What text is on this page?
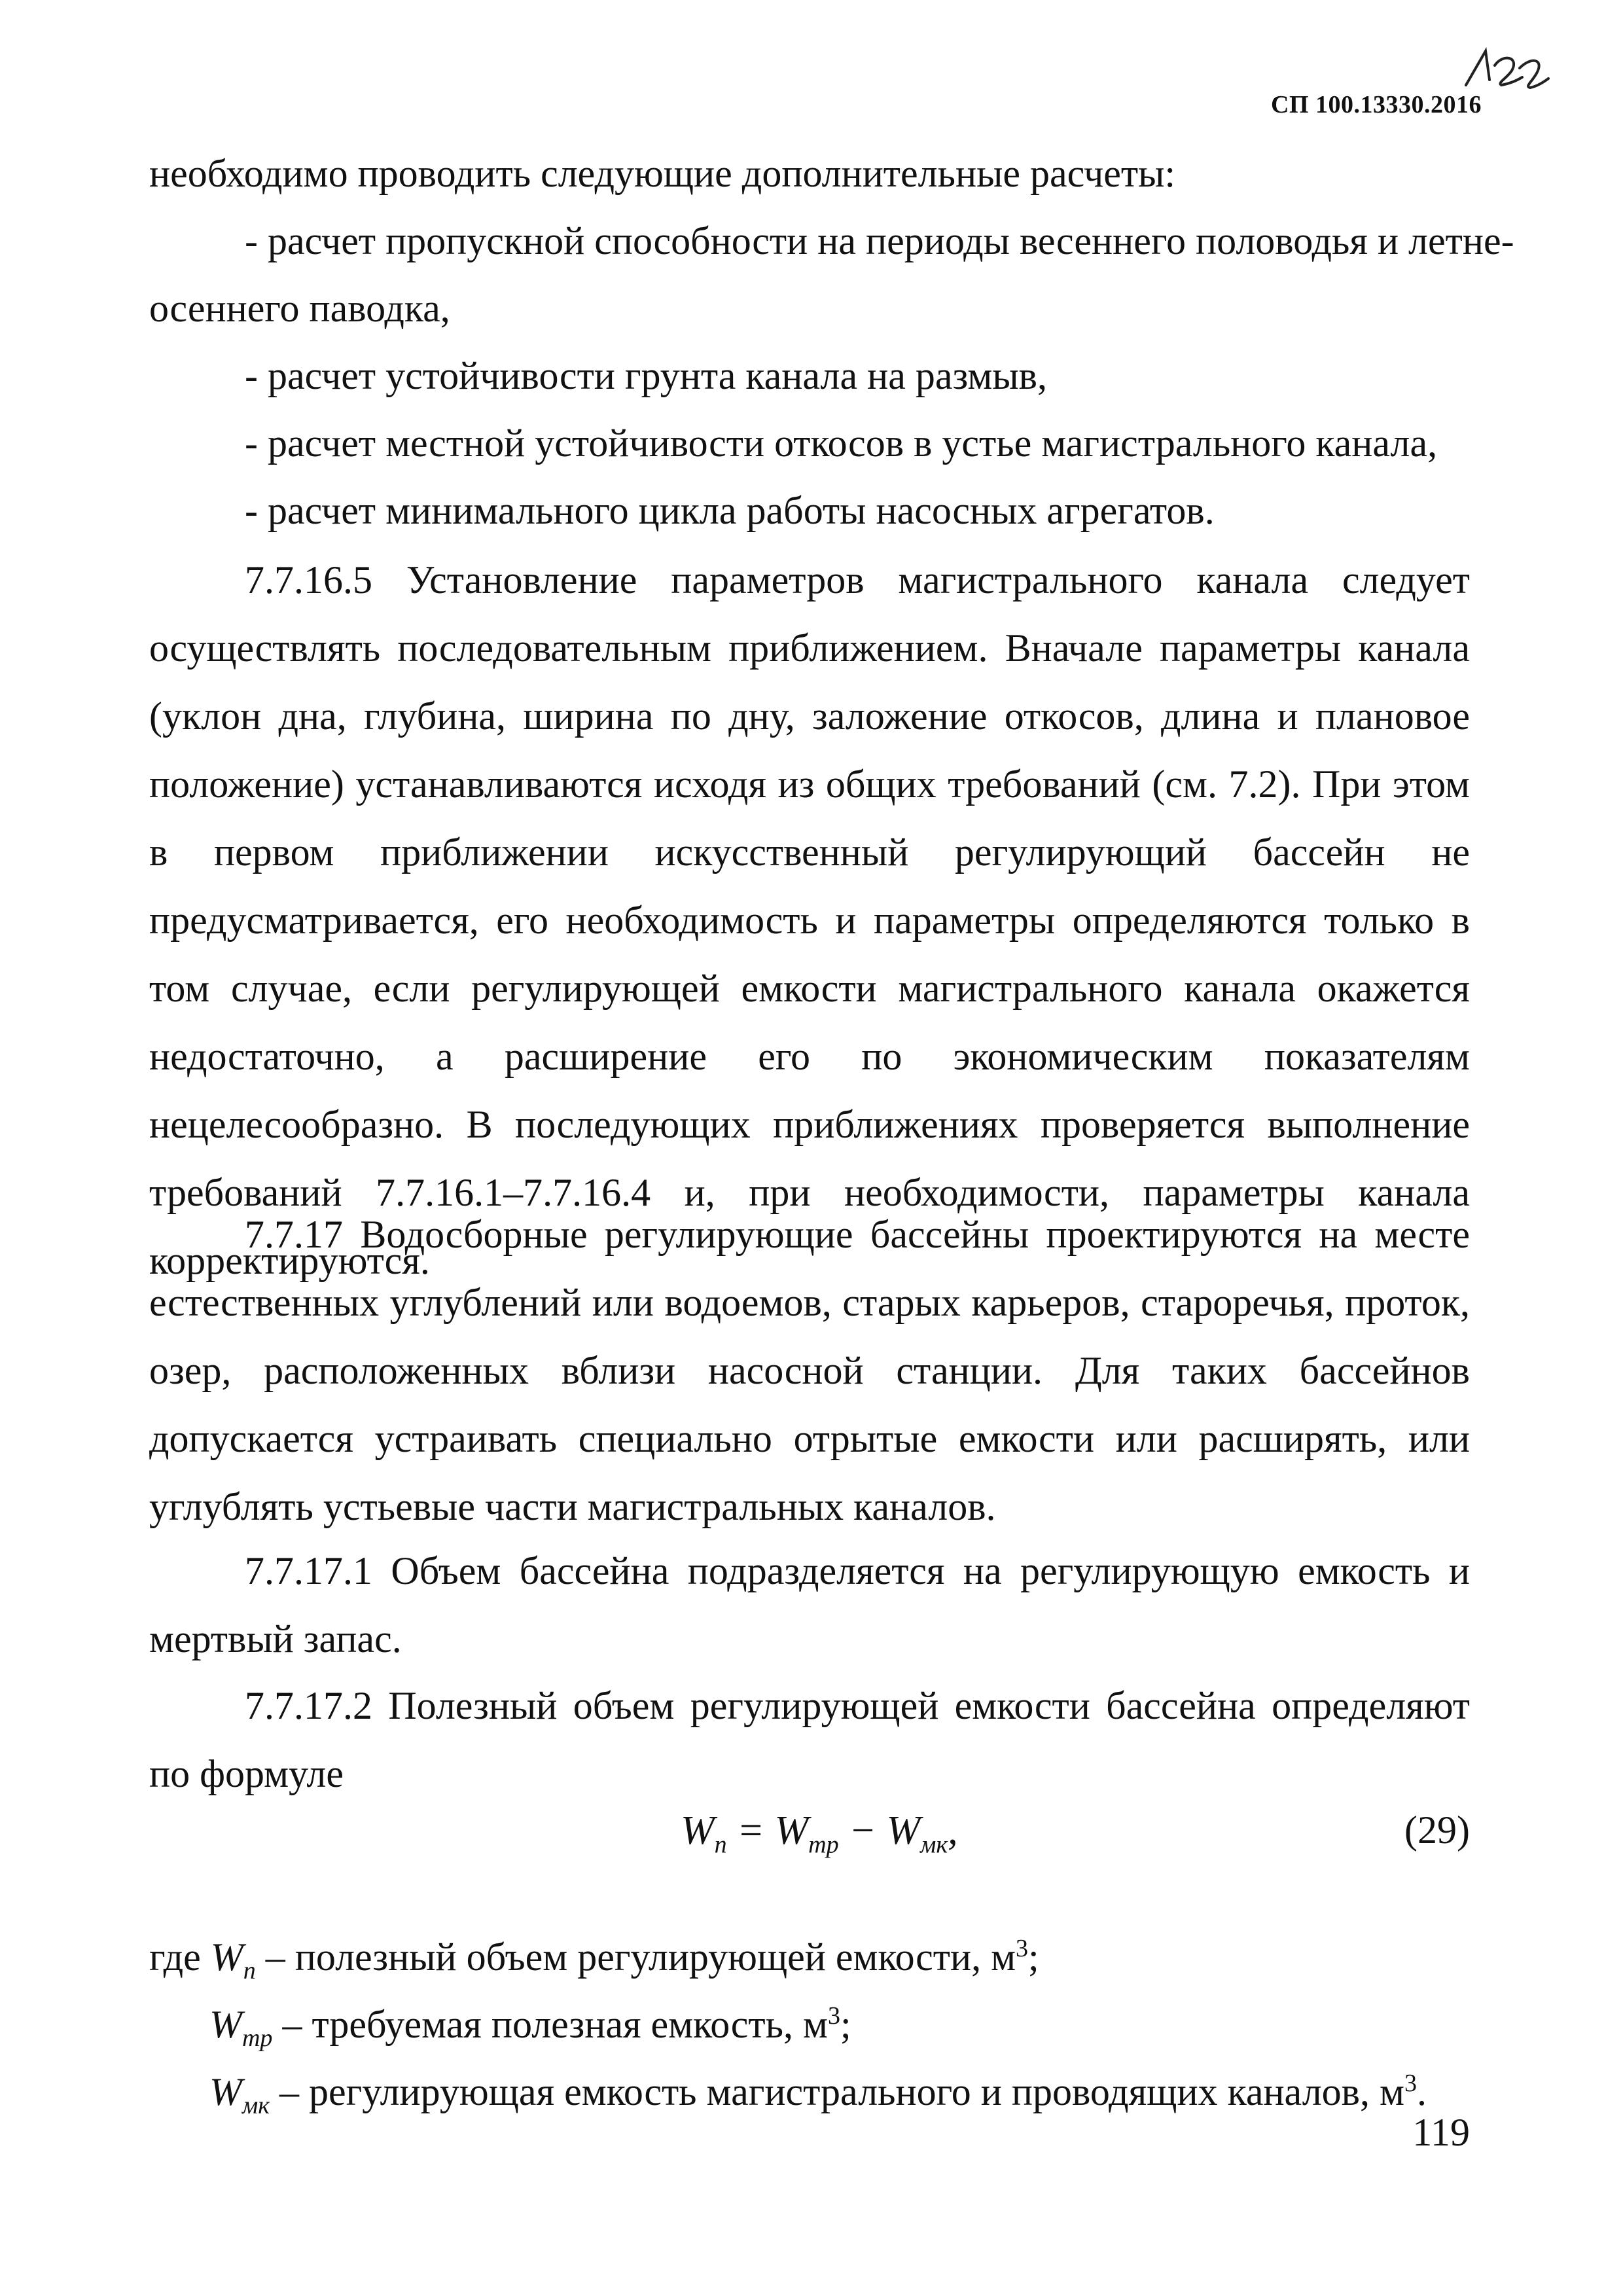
СП 100.13330.2016
необходимо проводить следующие дополнительные расчеты:
- расчет пропускной способности на периоды весеннего половодья и летне-
осеннего паводка,
- расчет устойчивости грунта канала на размыв,
- расчет местной устойчивости откосов в устье магистрального канала,
- расчет минимального цикла работы насосных агрегатов.
7.7.16.5 Установление параметров магистрального канала следует осуществлять последовательным приближением. Вначале параметры канала (уклон дна, глубина, ширина по дну, заложение откосов, длина и плановое положение) устанавливаются исходя из общих требований (см. 7.2). При этом в первом приближении искусственный регулирующий бассейн не предусматривается, его необходимость и параметры определяются только в том случае, если регулирующей емкости магистрального канала окажется недостаточно, а расширение его по экономическим показателям нецелесообразно. В последующих приближениях проверяется выполнение требований 7.7.16.1–7.7.16.4 и, при необходимости, параметры канала корректируются.
7.7.17 Водосборные регулирующие бассейны проектируются на месте естественных углублений или водоемов, старых карьеров, староречья, проток, озер, расположенных вблизи насосной станции. Для таких бассейнов допускается устраивать специально отрытые емкости или расширять, или углублять устьевые части магистральных каналов.
7.7.17.1 Объем бассейна подразделяется на регулирующую емкость и мертвый запас.
7.7.17.2 Полезный объем регулирующей емкости бассейна определяют по формуле
$W_п = W_{тр} - W_{мк}$,	(29)
где $W_п$ – полезный объем регулирующей емкости, $м^3$;
$W_{тр}$ – требуемая полезная емкость, $м^3$;
$W_{мк}$ – регулирующая емкость магистрального и проводящих каналов, $м^3$.
119
